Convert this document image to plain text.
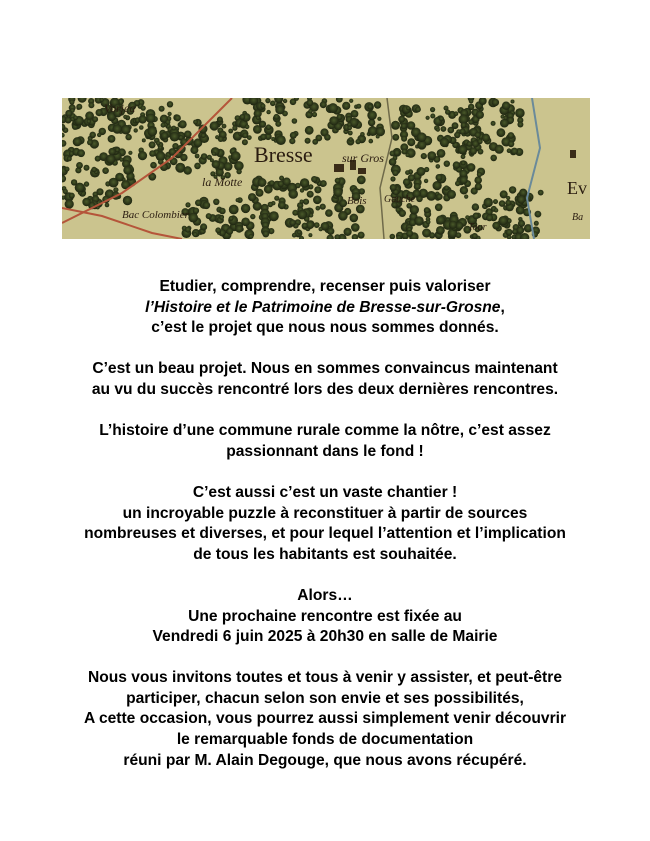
Vorjea
Bresse sur Gros
la Motte
Bois Gauche
Bac Colombier
Tour
Ev
Ba

Etudier, comprendre, recenser puis valoriser
l’Histoire et le Patrimoine de Bresse-sur-Grosne,
c’est le projet que nous nous sommes donnés.

C’est un beau projet. Nous en sommes convaincus maintenant
au vu du succès rencontré lors des deux dernières rencontres.

L’histoire d’une commune rurale comme la nôtre, c’est assez
passionnant dans le fond !

C’est aussi c’est un vaste chantier !
un incroyable puzzle à reconstituer à partir de sources
nombreuses et diverses, et pour lequel l’attention et l’implication
de tous les habitants est souhaitée.

Alors…
Une prochaine rencontre est fixée au
Vendredi 6 juin 2025 à 20h30 en salle de Mairie

Nous vous invitons toutes et tous à venir y assister, et peut-être
participer, chacun selon son envie et ses possibilités,
A cette occasion, vous pourrez aussi simplement venir découvrir
le remarquable fonds de documentation
réuni par M. Alain Degouge, que nous avons récupéré.
